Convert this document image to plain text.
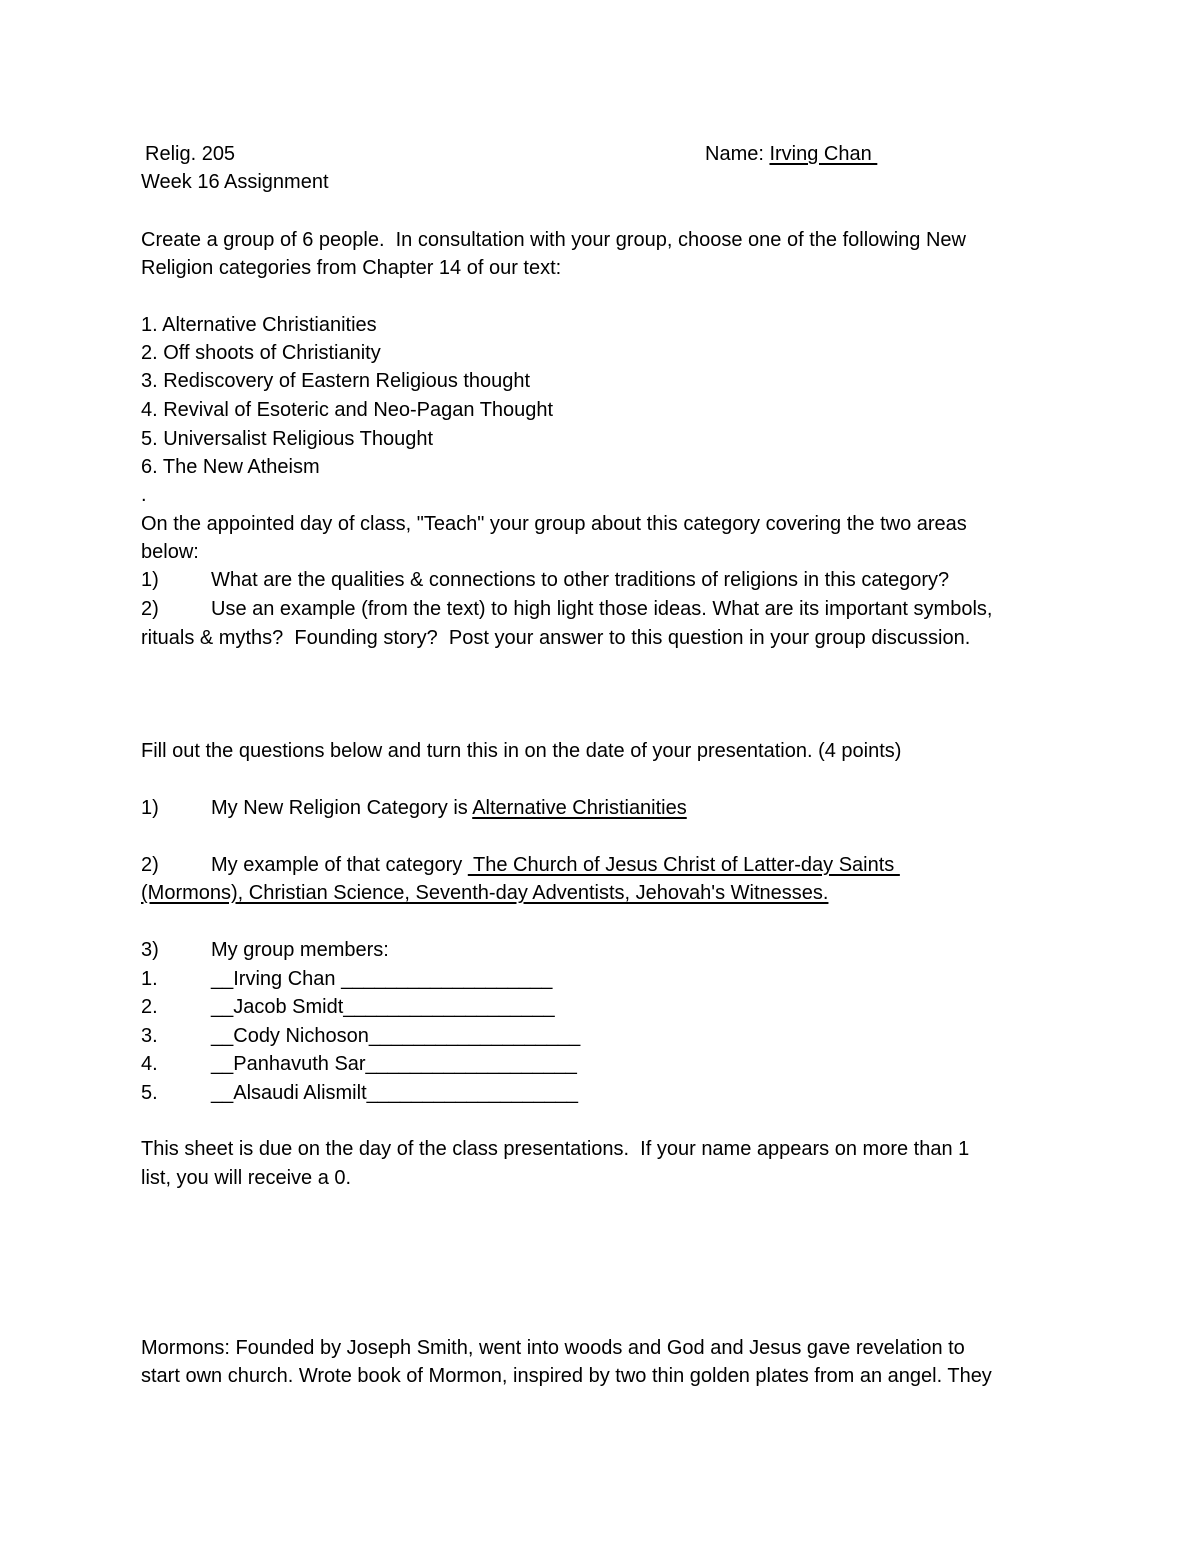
Relig. 205	Name: Irving Chan
Week 16 Assignment
Create a group of 6 people.  In consultation with your group, choose one of the following New
Religion categories from Chapter 14 of our text:
1. Alternative Christianities
2. Off shoots of Christianity
3. Rediscovery of Eastern Religious thought
4. Revival of Esoteric and Neo-Pagan Thought
5. Universalist Religious Thought
6. The New Atheism
.
On the appointed day of class, "Teach" your group about this category covering the two areas
below:
1)	What are the qualities & connections to other traditions of religions in this category?
2)	Use an example (from the text) to high light those ideas. What are its important symbols,
rituals & myths?  Founding story?  Post your answer to this question in your group discussion.
Fill out the questions below and turn this in on the date of your presentation. (4 points)
1)	My New Religion Category is Alternative Christianities
2)	My example of that category  The Church of Jesus Christ of Latter-day Saints
(Mormons), Christian Science, Seventh-day Adventists, Jehovah's Witnesses.
3)	My group members:
1.	__Irving Chan ___________________
2.	__Jacob Smidt___________________
3.	__Cody Nichoson___________________
4.	__Panhavuth Sar___________________
5.	__Alsaudi Alismilt___________________
This sheet is due on the day of the class presentations.  If your name appears on more than 1
list, you will receive a 0.
Mormons: Founded by Joseph Smith, went into woods and God and Jesus gave revelation to
start own church. Wrote book of Mormon, inspired by two thin golden plates from an angel. They
